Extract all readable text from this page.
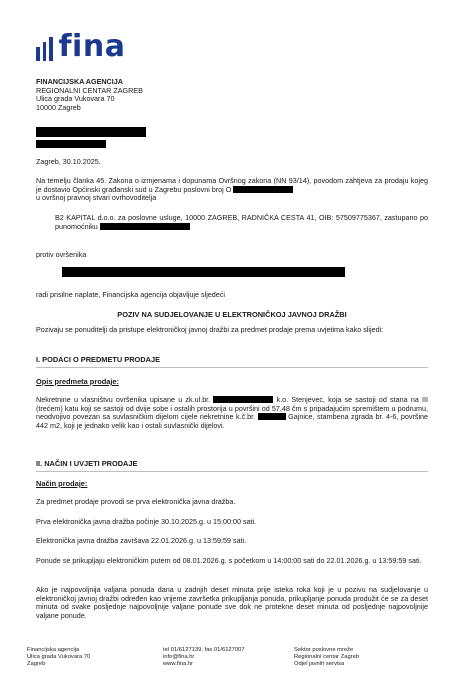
fina
FINANCIJSKA AGENCIJA
REGIONALNI CENTAR ZAGREB
Ulica grada Vukovara 70
10000 Zagreb
Zagreb, 30.10.2025.
Na temelju članka 45. Zakona o izmjenama i dopunama Ovršnog zakona (NN 93/14), povodom zahtjeva za prodaju kojeg je dostavio Općinski građanski sud u Zagrebu poslovni broj O
u ovršnoj pravnoj stvari ovrhovoditelja
B2 KAPITAL d.o.o. za poslovne usluge, 10000 ZAGREB, RADNIČKA CESTA 41, OIB: 57509775367, zastupano po punomoćniku
protiv ovršenika
radi prisilne naplate, Financijska agencija objavljuje sljedeći
POZIV NA SUDJELOVANJE U ELEKTRONIČKOJ JAVNOJ DRAŽBI
Pozivaju se ponuditelji da pristupe elektroničkoj javnoj dražbi za predmet prodaje prema uvjetima kako slijedi:
I. PODACI O PREDMETU PRODAJE
Opis predmeta prodaje:
Nekretnine u vlasništvu ovršenika upisane u zk.ul.br.	k.o. Stenjevec, koja se sastoji od stana na III (trećem) katu koji se sastoji od dvije sobe i ostalih prostorija u površini od 57,48 čm s pripadajućim spremištem u podrumu, neodvojivo povezan sa suvlasničkim dijelom cijele nekretnine k.č.br.	Gajnice, stambena zgrada br. 4-6, površine 442 m2, koji je jednako velik kao i ostali suvlasnički dijelovi.
II. NAČIN I UVJETI PRODAJE
Način prodaje:
Za predmet prodaje provodi se prva elektronička javna dražba.
Prva elektronička javna dražba počinje 30.10.2025.g. u 15:00:00 sati.
Elektronička javna dražba završava 22.01.2026.g. u 13:59:59 sati.
Ponude se prikupljaju elektroničkim putem od 08.01.2026.g. s početkom u 14:00:00 sati do 22.01.2026.g. u 13:59:59 sati.
Ako je najpovoljnija valjana ponuda dana u zadnjih deset minuta prije isteka roka koji je u pozivu na sudjelovanje u elektroničkoj javnoj dražbi određen kao vrijeme završetka prikupljanja ponuda, prikupljanje ponuda produžit će se za deset minuta od svake posljednje najpovoljnije valjane ponude sve dok ne protekne deset minuta od posljednje najpovoljnije valjane ponude.
Financijska agencija
Ulica grada Vukovara 70
Zagreb
tel 01/6127139, fax 01/6127007
info@fina.hr
www.fina.hr
Sektor poslovne mreže
Regionalni centar Zagreb
Odjel javnih servisa
